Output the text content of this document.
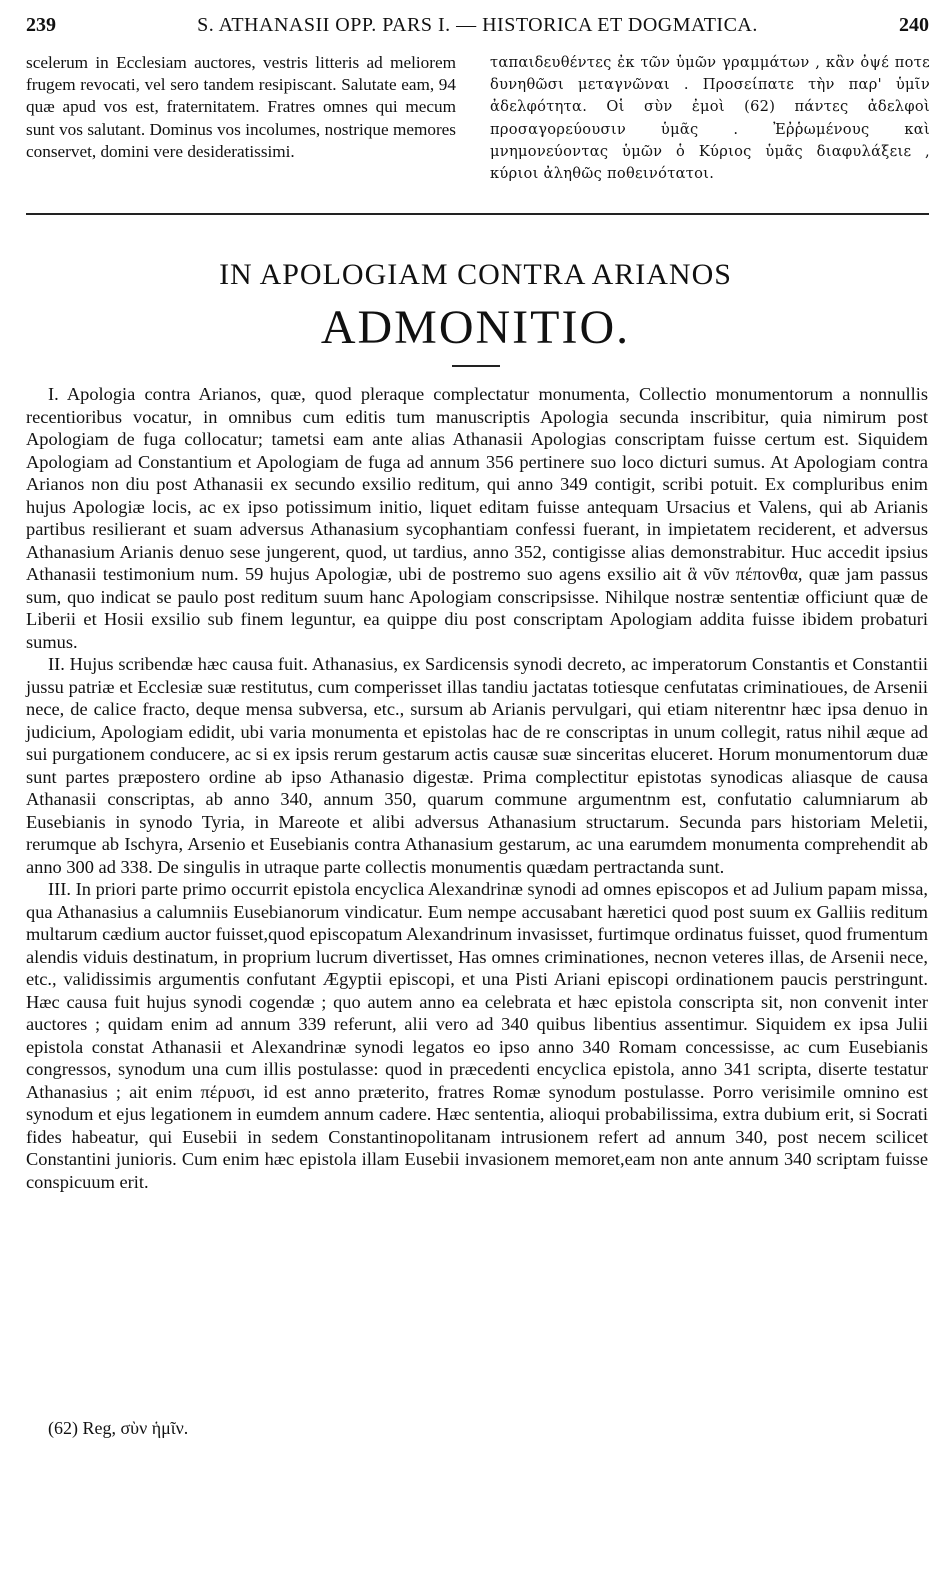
239	S. ATHANASII OPP. PARS I. — HISTORICA ET DOGMATICA.	240
scelerum in Ecclesiam auctores, vestris litteris ad meliorem frugem revocati, vel sero tandem resipiscant. Salutate eam, 94 quæ apud vos est, fraternitatem. Fratres omnes qui mecum sunt vos salutant. Dominus vos incolumes, nostrique memores conservet, domini vere desideratissimi.
ταπαιδευθέντες ἐκ τῶν ὑμῶν γραμμάτων , κἂν ὀψέ ποτε δυνηθῶσι μεταγνῶναι . Προσείπατε τὴν παρ' ὑμῖν ἀδελφότητα. Οἱ σὺν ἐμοὶ (62) πάντες ἀδελφοὶ προσαγορεύουσιν ὑμᾶς . Ἐῤῥωμένους καὶ μνημονεύοντας ὑμῶν ὁ Κύριος ὑμᾶς διαφυλάξειε , κύριοι ἀληθῶς ποθεινότατοι.
IN APOLOGIAM CONTRA ARIANOS
ADMONITIO.

I. Apologia contra Arianos, quæ, quod pleraque complectatur monumenta, Collectio monumentorum a nonnullis recentioribus vocatur, in omnibus cum editis tum manuscriptis Apologia secunda inscribitur, quia nimirum post Apologiam de fuga collocatur; tametsi eam ante alias Athanasii Apologias conscriptam fuisse certum est. Siquidem Apologiam ad Constantium et Apologiam de fuga ad annum 356 pertinere suo loco dicturi sumus. At Apologiam contra Arianos non diu post Athanasii ex secundo exsilio reditum, qui anno 349 contigit, scribi potuit. Ex compluribus enim hujus Apologiæ locis, ac ex ipso potissimum initio, liquet editam fuisse antequam Ursacius et Valens, qui ab Arianis partibus resilierant et suam adversus Athanasium sycophantiam confessi fuerant, in impietatem reciderent, et adversus Athanasium Arianis denuo sese jungerent, quod, ut tardius, anno 352, contigisse alias demonstrabitur. Huc accedit ipsius Athanasii testimonium num. 59 hujus Apologiæ, ubi de postremo suo agens exsilio ait ἃ νῦν πέπονθα, quæ jam passus sum, quo indicat se paulo post reditum suum hanc Apologiam conscripsisse. Nihilque nostræ sententiæ officiunt quæ de Liberii et Hosii exsilio sub finem leguntur, ea quippe diu post conscriptam Apologiam addita fuisse ibidem probaturi sumus.

II. Hujus scribendæ hæc causa fuit. Athanasius, ex Sardicensis synodi decreto, ac imperatorum Constantis et Constantii jussu patriæ et Ecclesiæ suæ restitutus, cum comperisset illas tandiu jactatas totiesque cenfutatas criminatioues, de Arsenii nece, de calice fracto, deque mensa subversa, etc., sursum ab Arianis pervulgari, qui etiam niterentnr hæc ipsa denuo in judicium, Apologiam edidit, ubi varia monumenta et epistolas hac de re conscriptas in unum collegit, ratus nihil æque ad sui purgationem conducere, ac si ex ipsis rerum gestarum actis causæ suæ sinceritas eluceret. Horum monumentorum duæ sunt partes præpostero ordine ab ipso Athanasio digestæ. Prima complectitur epistotas synodicas aliasque de causa Athanasii conscriptas, ab anno 340, annum 350, quarum commune argumentnm est, confutatio calumniarum ab Eusebianis in synodo Tyria, in Mareote et alibi adversus Athanasium structarum. Secunda pars historiam Meletii, rerumque ab Ischyra, Arsenio et Eusebianis contra Athanasium gestarum, ac una earumdem monumenta comprehendit ab anno 300 ad 338. De singulis in utraque parte collectis monumentis quædam pertractanda sunt.

III. In priori parte primo occurrit epistola encyclica Alexandrinæ synodi ad omnes episcopos et ad Julium papam missa, qua Athanasius a calumniis Eusebianorum vindicatur. Eum nempe accusabant hæretici quod post suum ex Galliis reditum multarum cædium auctor fuisset,quod episcopatum Alexandrinum invasisset, furtimque ordinatus fuisset, quod frumentum alendis viduis destinatum, in proprium lucrum divertisset, Has omnes criminationes, necnon veteres illas, de Arsenii nece, etc., validissimis argumentis confutant Ægyptii episcopi, et una Pisti Ariani episcopi ordinationem paucis perstringunt. Hæc causa fuit hujus synodi cogendæ ; quo autem anno ea celebrata et hæc epistola conscripta sit, non convenit inter auctores ; quidam enim ad annum 339 referunt, alii vero ad 340 quibus libentius assentimur. Siquidem ex ipsa Julii epistola constat Athanasii et Alexandrinæ synodi legatos eo ipso anno 340 Romam concessisse, ac cum Eusebianis congressos, synodum una cum illis postulasse: quod in præcedenti encyclica epistola, anno 341 scripta, diserte testatur Athanasius ; ait enim πέρυσι, id est anno præterito, fratres Romæ synodum postulasse. Porro verisimile omnino est synodum et ejus legationem in eumdem annum cadere. Hæc sententia, alioqui probabilissima, extra dubium erit, si Socrati fides habeatur, qui Eusebii in sedem Constantinopolitanam intrusionem refert ad annum 340, post necem scilicet Constantini junioris. Cum enim hæc epistola illam Eusebii invasionem memoret,eam non ante annum 340 scriptam fuisse conspicuum erit.

(62) Reg, σὺν ἡμῖν.
